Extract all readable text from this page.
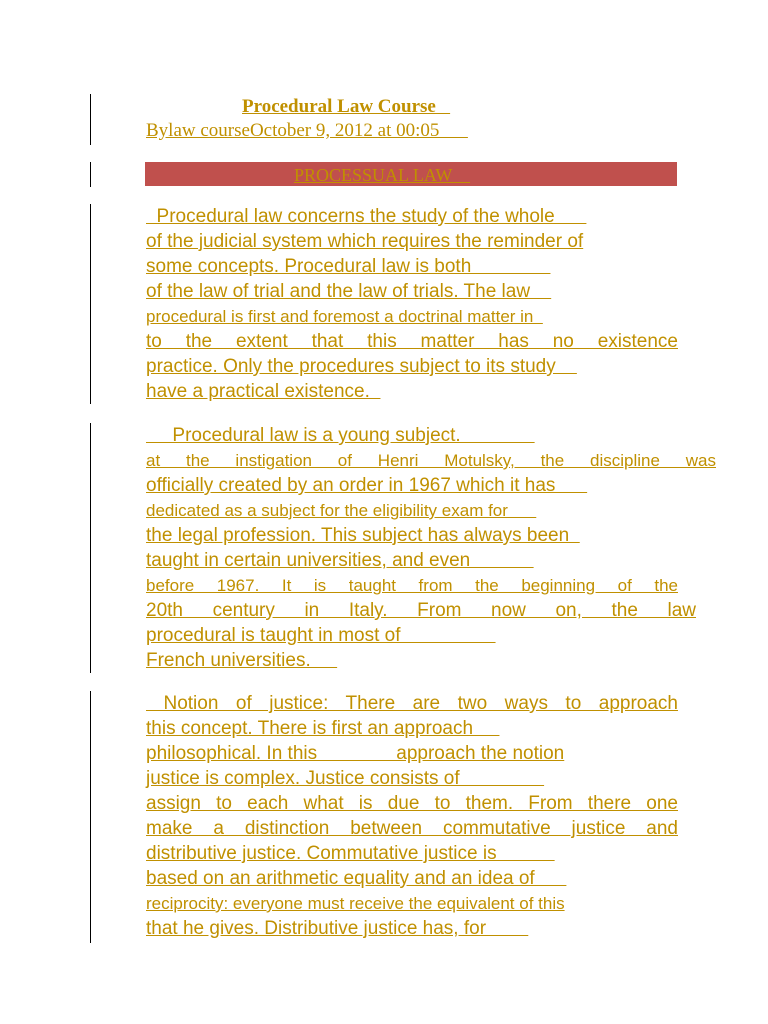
Procedural Law Course
Bylaw courseOctober 9, 2012 at 00:05
PROCESSUAL LAW
Procedural law concerns the study of the whole
of the judicial system which requires the reminder of
some concepts. Procedural law is both
of the law of trial and the law of trials. The law
procedural is first and foremost a doctrinal matter in
to the extent that this matter has no existence
practice. Only the procedures subject to its study
have a practical existence.
Procedural law is a young subject.
at the instigation of Henri Motulsky, the discipline was
officially created by an order in 1967 which it has
dedicated as a subject for the eligibility exam for
the legal profession. This subject has always been
taught in certain universities, and even
before 1967. It is taught from the beginning of the
20th century in Italy. From now on, the law
procedural is taught in most of
French universities.
Notion of justice: There are two ways to approach
this concept. There is first an approach
philosophical. In this               approach the notion
justice is complex. Justice consists of
assign to each what is due to them. From there one
make a distinction between commutative justice and
distributive justice. Commutative justice is
based on an arithmetic equality and an idea of
reciprocity: everyone must receive the equivalent of this
that he gives. Distributive justice has, for
